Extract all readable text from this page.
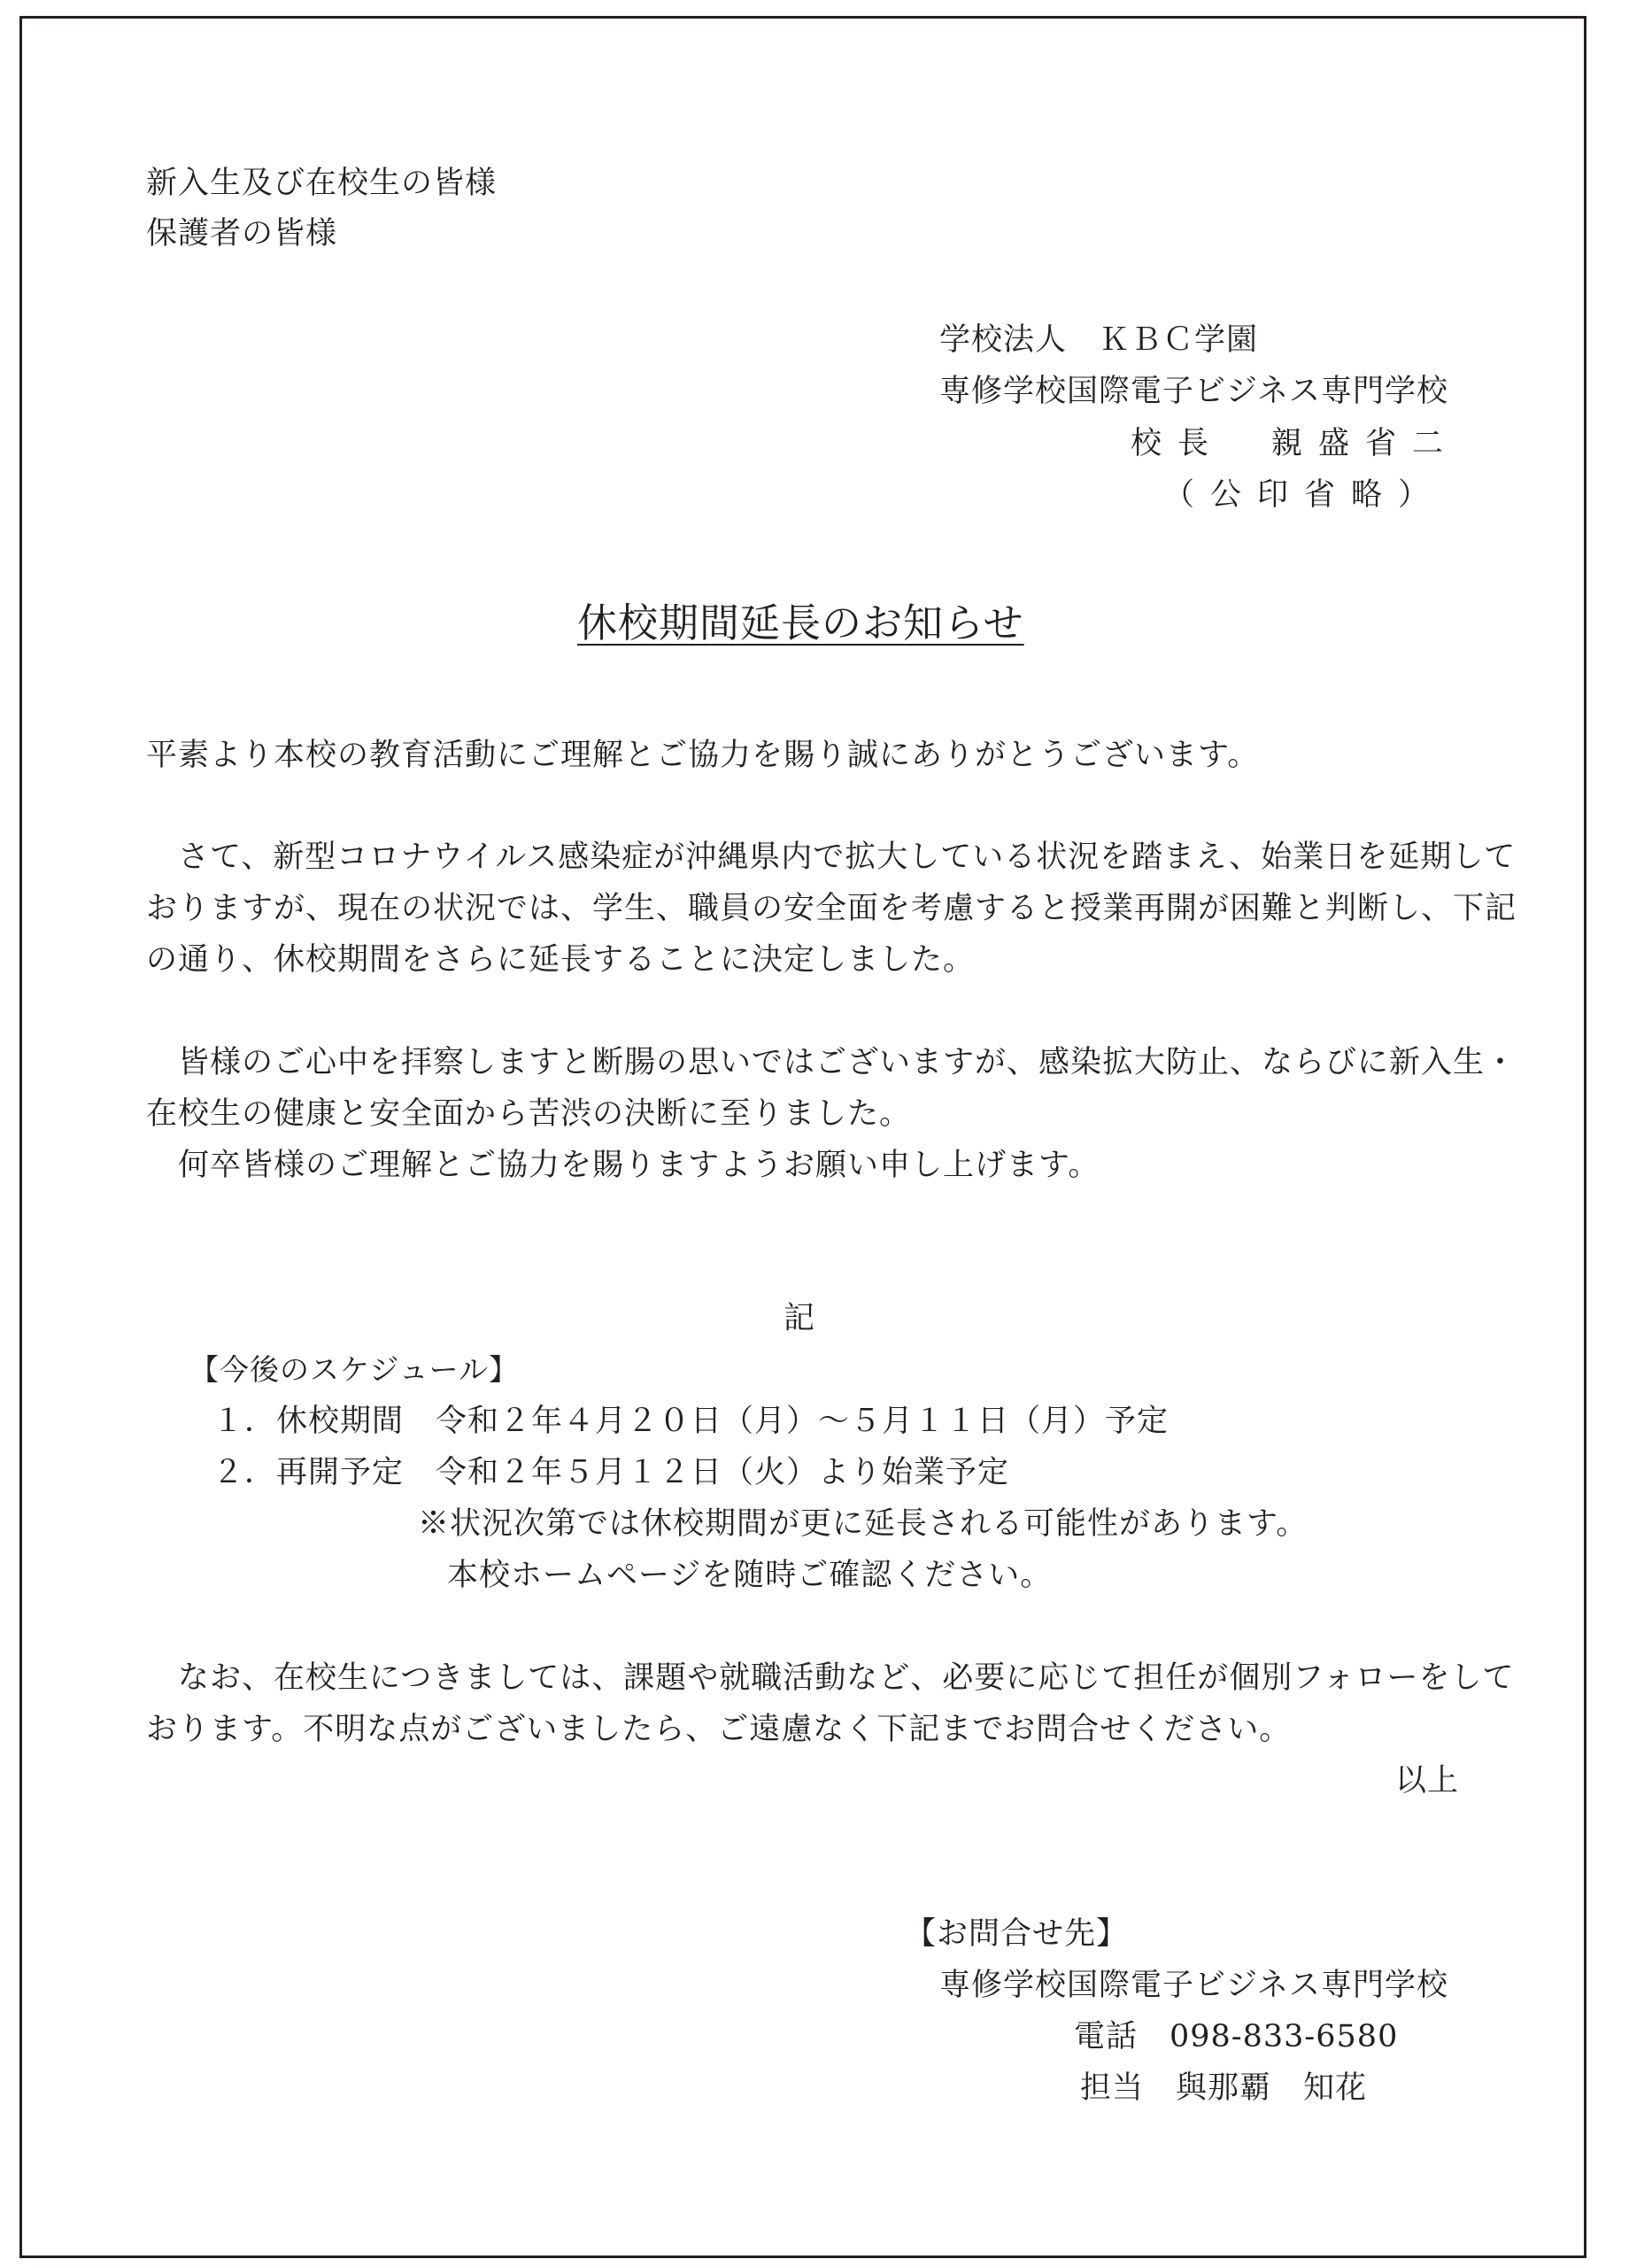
新入生及び在校生の皆様
保護者の皆様
学校法人　ＫＢＣ学園
専修学校国際電子ビジネス専門学校
校長　親盛省二
（公印省略）
休校期間延長のお知らせ
平素より本校の教育活動にご理解とご協力を賜り誠にありがとうございます。
　さて、新型コロナウイルス感染症が沖縄県内で拡大している状況を踏まえ、始業日を延期して
おりますが、現在の状況では、学生、職員の安全面を考慮すると授業再開が困難と判断し、下記
の通り、休校期間をさらに延長することに決定しました。
　皆様のご心中を拝察しますと断腸の思いではございますが、感染拡大防止、ならびに新入生・
在校生の健康と安全面から苦渋の決断に至りました。
　何卒皆様のご理解とご協力を賜りますようお願い申し上げます。
記
【今後のスケジュール】
１．休校期間　令和２年４月２０日（月）～５月１１日（月）予定
２．再開予定　令和２年５月１２日（火）より始業予定
※状況次第では休校期間が更に延長される可能性があります。
本校ホームページを随時ご確認ください。
　なお、在校生につきましては、課題や就職活動など、必要に応じて担任が個別フォローをして
おります。不明な点がございましたら、ご遠慮なく下記までお問合せください。
以上
【お問合せ先】
専修学校国際電子ビジネス専門学校
電話　098-833-6580
担当　與那覇　知花
